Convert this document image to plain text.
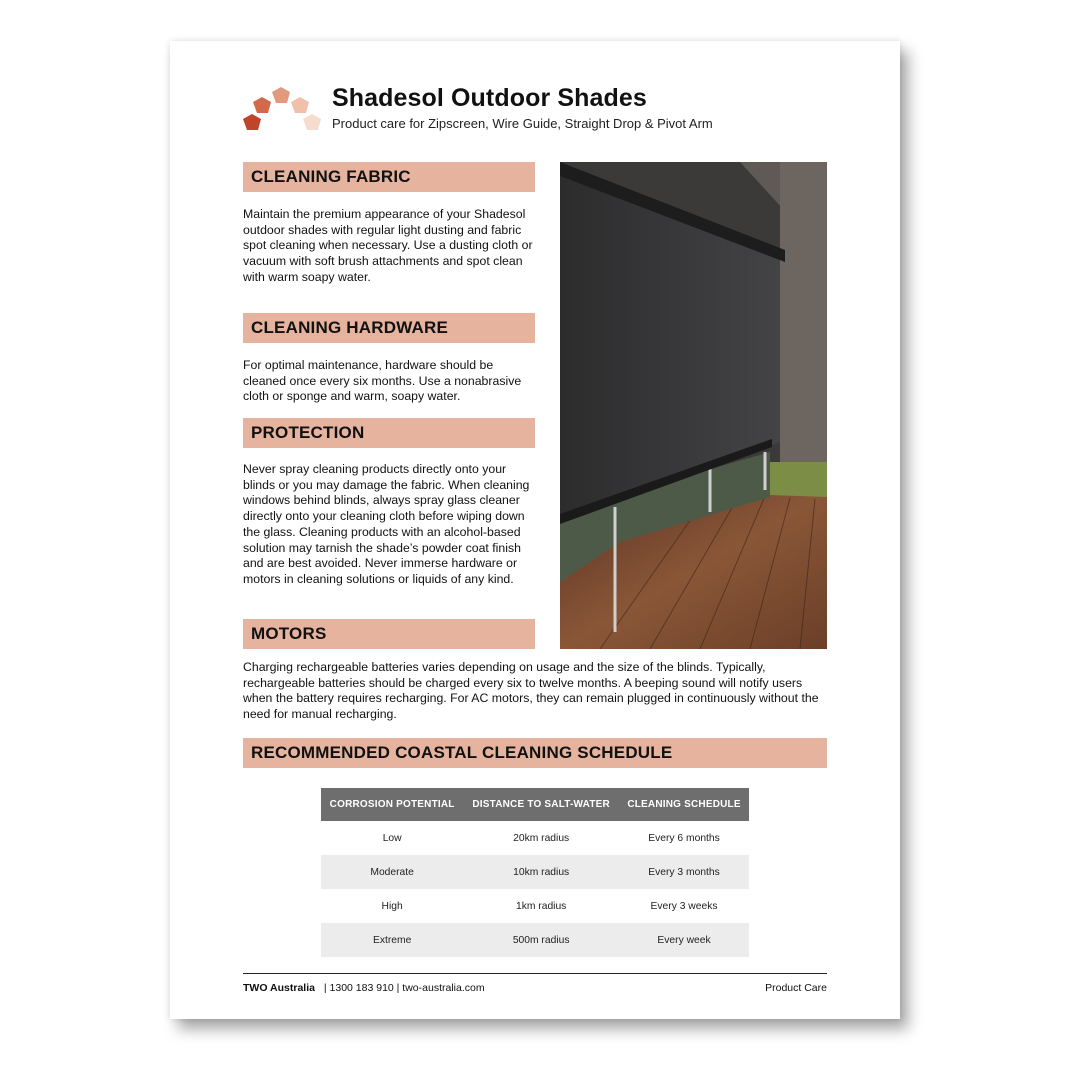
Shadesol Outdoor Shades
Product care for Zipscreen, Wire Guide, Straight Drop & Pivot Arm
CLEANING FABRIC

Maintain the premium appearance of your Shadesol outdoor shades with regular light dusting and fabric spot cleaning when necessary. Use a dusting cloth or vacuum with soft brush attachments and spot clean with warm soapy water.

CLEANING HARDWARE

For optimal maintenance, hardware should be cleaned once every six months. Use a nonabrasive cloth or sponge and warm, soapy water.

PROTECTION

Never spray cleaning products directly onto your blinds or you may damage the fabric. When cleaning windows behind blinds, always spray glass cleaner directly onto your cleaning cloth before wiping down the glass. Cleaning products with an alcohol-based solution may tarnish the shade’s powder coat finish and are best avoided. Never immerse hardware or motors in cleaning solutions or liquids of any kind.

MOTORS

Charging rechargeable batteries varies depending on usage and the size of the blinds. Typically, rechargeable batteries should be charged every six to twelve months. A beeping sound will notify users when the battery requires recharging. For AC motors, they can remain plugged in continuously without the need for manual recharging.

RECOMMENDED COASTAL CLEANING SCHEDULE
CORROSION POTENTIAL	DISTANCE TO SALT-WATER	CLEANING SCHEDULE
Low	20km radius	Every 6 months
Moderate	10km radius	Every 3 months
High	1km radius	Every 3 weeks
Extreme	500m radius	Every week
TWO Australia | 1300 183 910 | two-australia.com	Product Care
